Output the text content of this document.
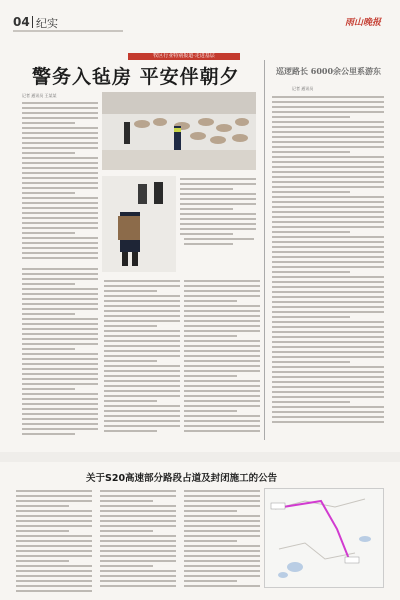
04 纪实	雨山晚报
牧区行业特别报道·走进基层
警务入毡房 平安伴朝夕	巡逻路长 6000余公里系游东
记者 通讯员
记者 通讯员 王某某
关于S20高速部分路段占道及封闭施工的公告
